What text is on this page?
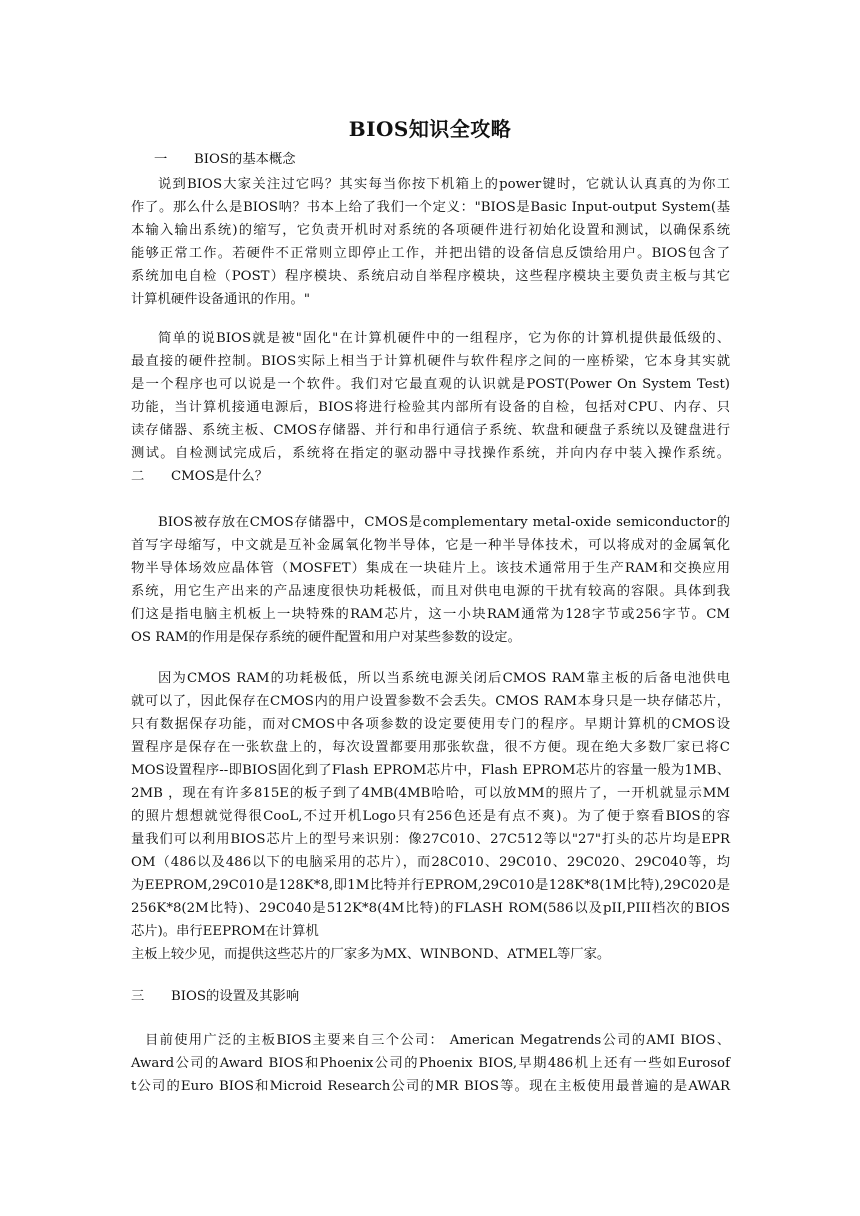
BIOS知识全攻略
一 BIOS的基本概念
说到BIOS大家关注过它吗？其实每当你按下机箱上的power键时，它就认认真真的为你工
作了。那么什么是BIOS呐？书本上给了我们一个定义："BIOS是Basic Input-output System(基
本输入输出系统)的缩写，它负责开机时对系统的各项硬件进行初始化设置和测试，以确保系统
能够正常工作。若硬件不正常则立即停止工作，并把出错的设备信息反馈给用户。BIOS包含了
系统加电自检（POST）程序模块、系统启动自举程序模块，这些程序模块主要负责主板与其它
计算机硬件设备通讯的作用。"
简单的说BIOS就是被"固化"在计算机硬件中的一组程序，它为你的计算机提供最低级的、
最直接的硬件控制。BIOS实际上相当于计算机硬件与软件程序之间的一座桥梁，它本身其实就
是一个程序也可以说是一个软件。我们对它最直观的认识就是POST(Power On System Test)
功能，当计算机接通电源后，BIOS将进行检验其内部所有设备的自检，包括对CPU、内存、只
读存储器、系统主板、CMOS存储器、并行和串行通信子系统、软盘和硬盘子系统以及键盘进行
测试。自检测试完成后，系统将在指定的驱动器中寻找操作系统，并向内存中装入操作系统。
二 CMOS是什么？
BIOS被存放在CMOS存储器中，CMOS是complementary metal-oxide semiconductor的
首写字母缩写，中文就是互补金属氧化物半导体，它是一种半导体技术，可以将成对的金属氧化
物半导体场效应晶体管（MOSFET）集成在一块硅片上。该技术通常用于生产RAM和交换应用
系统，用它生产出来的产品速度很快功耗极低，而且对供电电源的干扰有较高的容限。具体到我
们这是指电脑主机板上一块特殊的RAM芯片，这一小块RAM通常为128字节或256字节。CM
OS RAM的作用是保存系统的硬件配置和用户对某些参数的设定。
因为CMOS RAM的功耗极低，所以当系统电源关闭后CMOS RAM靠主板的后备电池供电
就可以了，因此保存在CMOS内的用户设置参数不会丢失。CMOS RAM本身只是一块存储芯片，
只有数据保存功能，而对CMOS中各项参数的设定要使用专门的程序。早期计算机的CMOS设
置程序是保存在一张软盘上的，每次设置都要用那张软盘，很不方便。现在绝大多数厂家已将C
MOS设置程序--即BIOS固化到了Flash EPROM芯片中，Flash EPROM芯片的容量一般为1MB、
2MB ，现在有许多815E的板子到了4MB(4MB哈哈，可以放MM的照片了，一开机就显示MM
的照片想想就觉得很CooL,不过开机Logo只有256色还是有点不爽)。为了便于察看BIOS的容
量我们可以利用BIOS芯片上的型号来识别：像27C010、27C512等以"27"打头的芯片均是EPR
OM（486以及486以下的电脑采用的芯片），而28C010、29C010、29C020、29C040等，均
为EEPROM,29C010是128K*8,即1M比特并行EPROM,29C010是128K*8(1M比特),29C020是
256K*8(2M比特)、29C040是512K*8(4M比特)的FLASH ROM(586以及pII,PIII档次的BIOS
芯片)。串行EEPROM在计算机
主板上较少见，而提供这些芯片的厂家多为MX、WINBOND、ATMEL等厂家。
三 BIOS的设置及其影响
目前使用广泛的主板BIOS主要来自三个公司： American Megatrends公司的AMI BIOS、
Award公司的Award BIOS和Phoenix公司的Phoenix BIOS,早期486机上还有一些如Eurosof
t公司的Euro BIOS和Microid Research公司的MR BIOS等。现在主板使用最普遍的是AWAR
